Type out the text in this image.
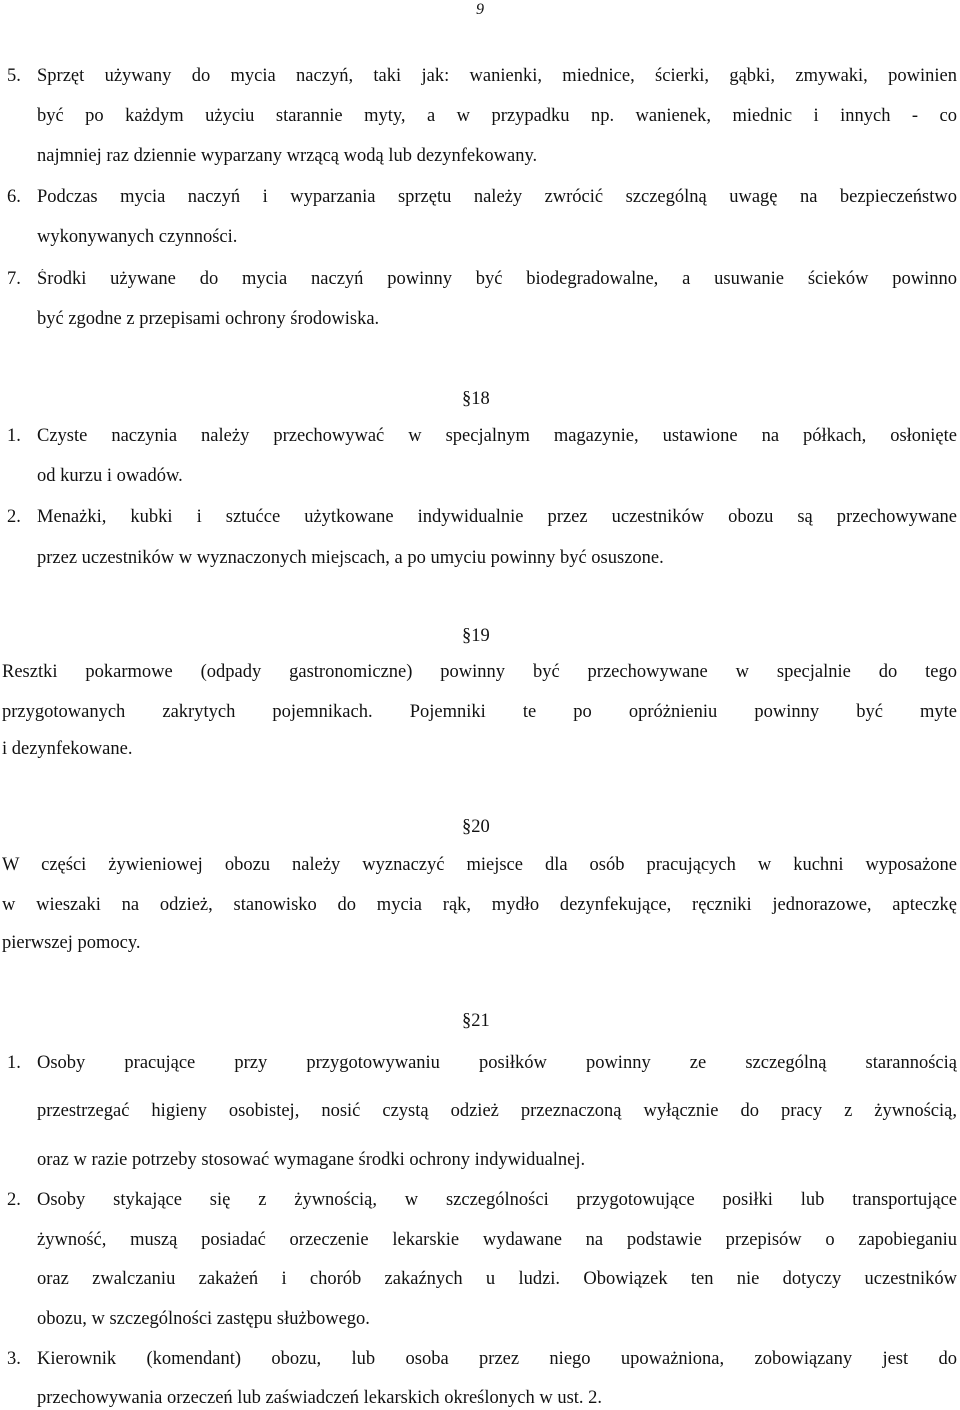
9
5. Sprzęt używany do mycia naczyń, taki jak: wanienki, miednice, ścierki, gąbki, zmywaki, powinien
być po każdym użyciu starannie myty, a w przypadku np. wanienek, miednic i innych - co
najmniej raz dziennie wyparzany wrzącą wodą lub dezynfekowany.
6. Podczas mycia naczyń i wyparzania sprzętu należy zwrócić szczególną uwagę na bezpieczeństwo
wykonywanych czynności.
7. Środki używane do mycia naczyń powinny być biodegradowalne, a usuwanie ścieków powinno
być zgodne z przepisami ochrony środowiska.
§18
1. Czyste naczynia należy przechowywać w specjalnym magazynie, ustawione na półkach, osłonięte
od kurzu i owadów.
2. Menażki, kubki i sztućce użytkowane indywidualnie przez uczestników obozu są przechowywane
przez uczestników w wyznaczonych miejscach, a po umyciu powinny być osuszone.
§19
Resztki pokarmowe (odpady gastronomiczne) powinny być przechowywane w specjalnie do tego
przygotowanych zakrytych pojemnikach. Pojemniki te po opróżnieniu powinny być myte
i dezynfekowane.
§20
W części żywieniowej obozu należy wyznaczyć miejsce dla osób pracujących w kuchni wyposażone
w wieszaki na odzież, stanowisko do mycia rąk, mydło dezynfekujące, ręczniki jednorazowe, apteczkę
pierwszej pomocy.
§21
1. Osoby pracujące przy przygotowywaniu posiłków powinny ze szczególną starannością
przestrzegać higieny osobistej, nosić czystą odzież przeznaczoną wyłącznie do pracy z żywnością,
oraz w razie potrzeby stosować wymagane środki ochrony indywidualnej.
2. Osoby stykające się z żywnością, w szczególności przygotowujące posiłki lub transportujące
żywność, muszą posiadać orzeczenie lekarskie wydawane na podstawie przepisów o zapobieganiu
oraz zwalczaniu zakażeń i chorób zakaźnych u ludzi. Obowiązek ten nie dotyczy uczestników
obozu, w szczególności zastępu służbowego.
3. Kierownik (komendant) obozu, lub osoba przez niego upoważniona, zobowiązany jest do
przechowywania orzeczeń lub zaświadczeń lekarskich określonych w ust. 2.
